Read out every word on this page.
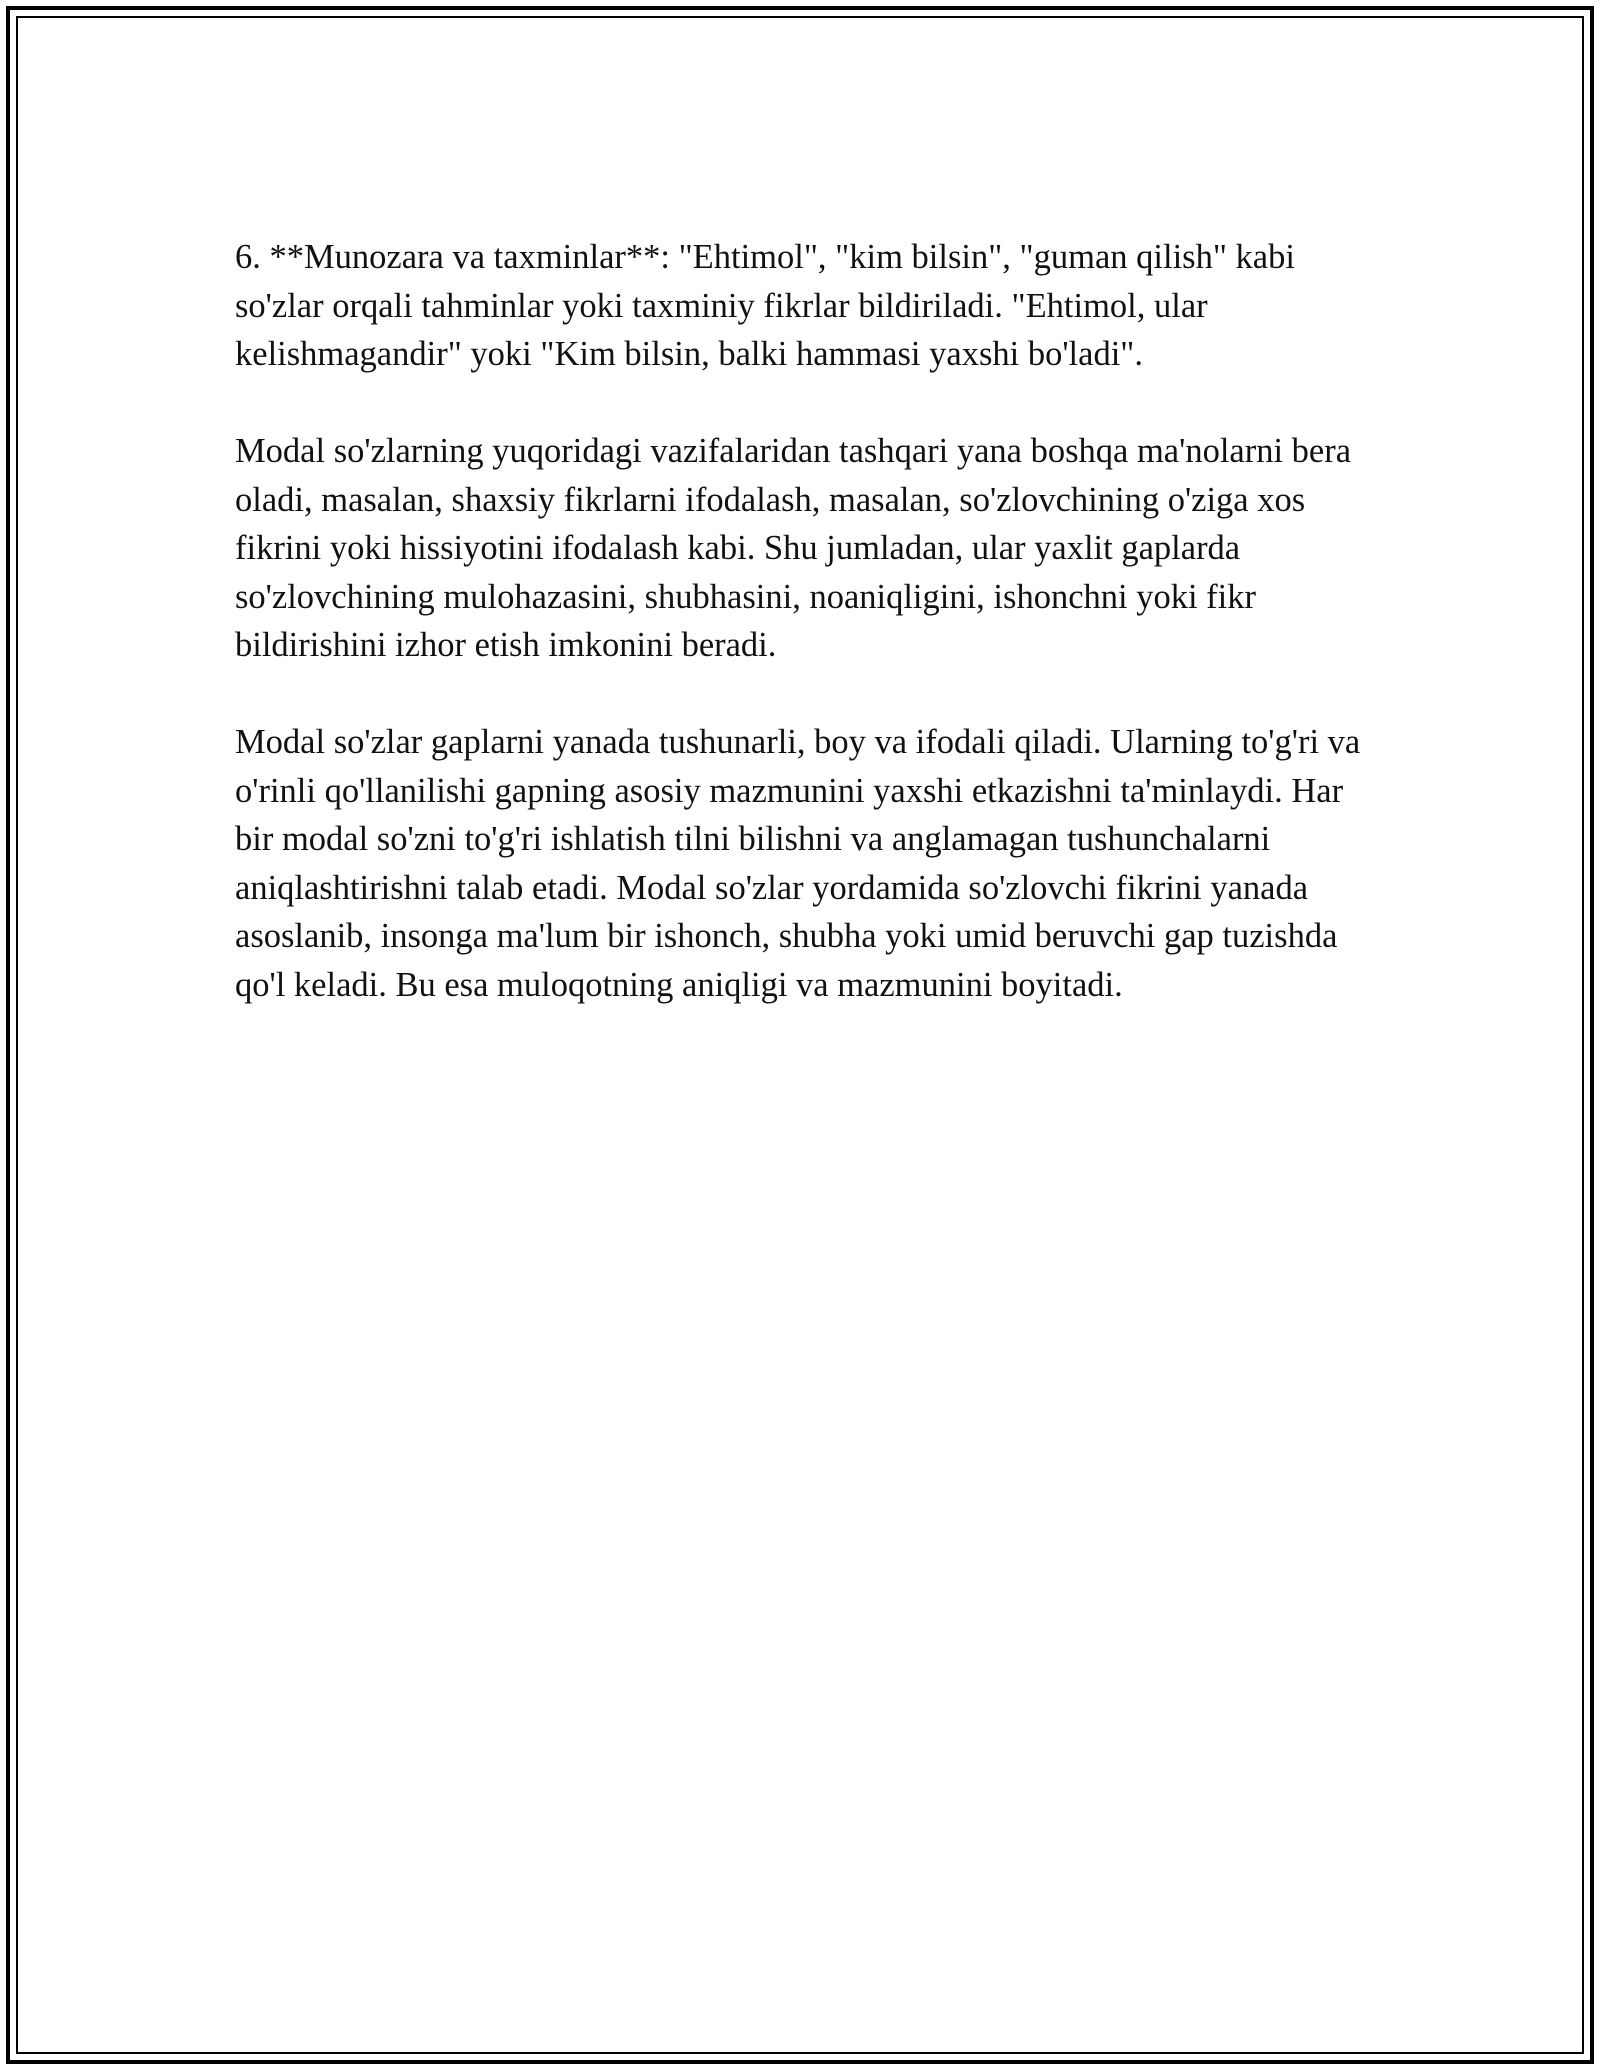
6. **Munozara va taxminlar**: "Ehtimol", "kim bilsin", "guman qilish" kabi so'zlar orqali tahminlar yoki taxminiy fikrlar bildiriladi. "Ehtimol, ular kelishmagandir" yoki "Kim bilsin, balki hammasi yaxshi bo'ladi".

Modal so'zlarning yuqoridagi vazifalaridan tashqari yana boshqa ma'nolarni bera oladi, masalan, shaxsiy fikrlarni ifodalash, masalan, so'zlovchining o'ziga xos fikrini yoki hissiyotini ifodalash kabi. Shu jumladan, ular yaxlit gaplarda so'zlovchining mulohazasini, shubhasini, noaniqligini, ishonchni yoki fikr bildirishini izhor etish imkonini beradi.

Modal so'zlar gaplarni yanada tushunarli, boy va ifodali qiladi. Ularning to'g'ri va o'rinli qo'llanilishi gapning asosiy mazmunini yaxshi etkazishni ta'minlaydi. Har bir modal so'zni to'g'ri ishlatish tilni bilishni va anglamagan tushunchalarni aniqlashtirishni talab etadi. Modal so'zlar yordamida so'zlovchi fikrini yanada asoslanib, insonga ma'lum bir ishonch, shubha yoki umid beruvchi gap tuzishda qo'l keladi. Bu esa muloqotning aniqligi va mazmunini boyitadi.
